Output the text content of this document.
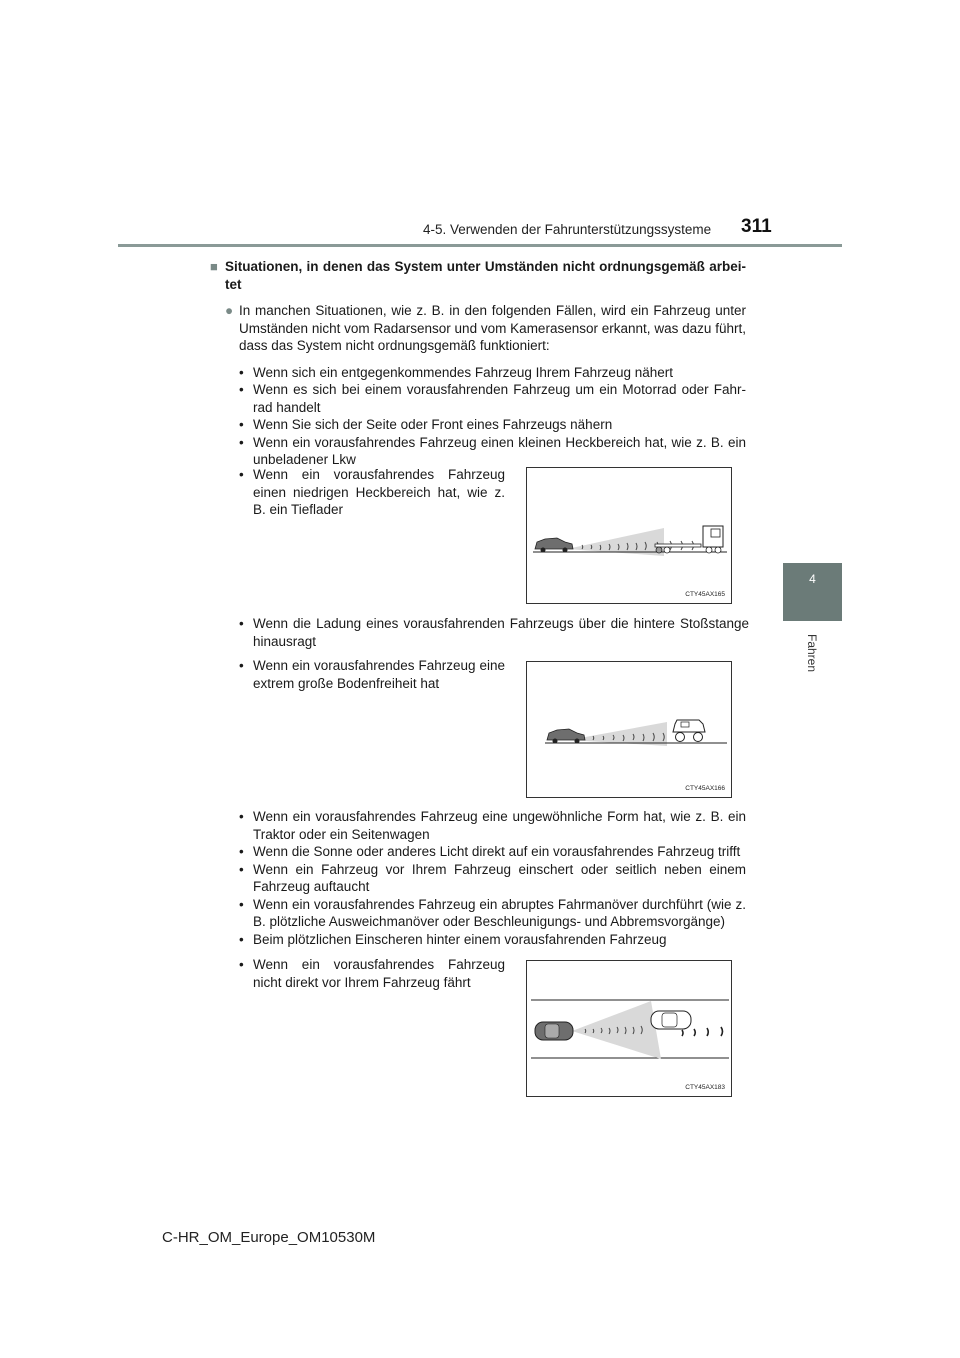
4-5. Verwenden der Fahrunterstützungssysteme 311
4
Fahren
■ Situationen, in denen das System unter Umständen nicht ordnungsgemäß arbei-tet
● In manchen Situationen, wie z. B. in den folgenden Fällen, wird ein Fahrzeug unter Umständen nicht vom Radarsensor und vom Kamerasensor erkannt, was dazu führt, dass das System nicht ordnungsgemäß funktioniert:
• Wenn sich ein entgegenkommendes Fahrzeug Ihrem Fahrzeug nähert
• Wenn es sich bei einem vorausfahrenden Fahrzeug um ein Motorrad oder Fahr-rad handelt
• Wenn Sie sich der Seite oder Front eines Fahrzeugs nähern
• Wenn ein vorausfahrendes Fahrzeug einen kleinen Heckbereich hat, wie z. B. ein unbeladener Lkw
• Wenn ein vorausfahrendes Fahrzeug einen niedrigen Heckbereich hat, wie z. B. ein Tieflader
CTY45AX165
• Wenn die Ladung eines vorausfahrenden Fahrzeugs über die hintere Stoßstange hinausragt
• Wenn ein vorausfahrendes Fahrzeug eine extrem große Bodenfreiheit hat
CTY45AX166
• Wenn ein vorausfahrendes Fahrzeug eine ungewöhnliche Form hat, wie z. B. ein Traktor oder ein Seitenwagen
• Wenn die Sonne oder anderes Licht direkt auf ein vorausfahrendes Fahrzeug trifft
• Wenn ein Fahrzeug vor Ihrem Fahrzeug einschert oder seitlich neben einem Fahrzeug auftaucht
• Wenn ein vorausfahrendes Fahrzeug ein abruptes Fahrmanöver durchführt (wie z. B. plötzliche Ausweichmanöver oder Beschleunigungs- und Abbremsvorgänge)
• Beim plötzlichen Einscheren hinter einem vorausfahrenden Fahrzeug
• Wenn ein vorausfahrendes Fahrzeug nicht direkt vor Ihrem Fahrzeug fährt
CTY45AX183
C-HR_OM_Europe_OM10530M
